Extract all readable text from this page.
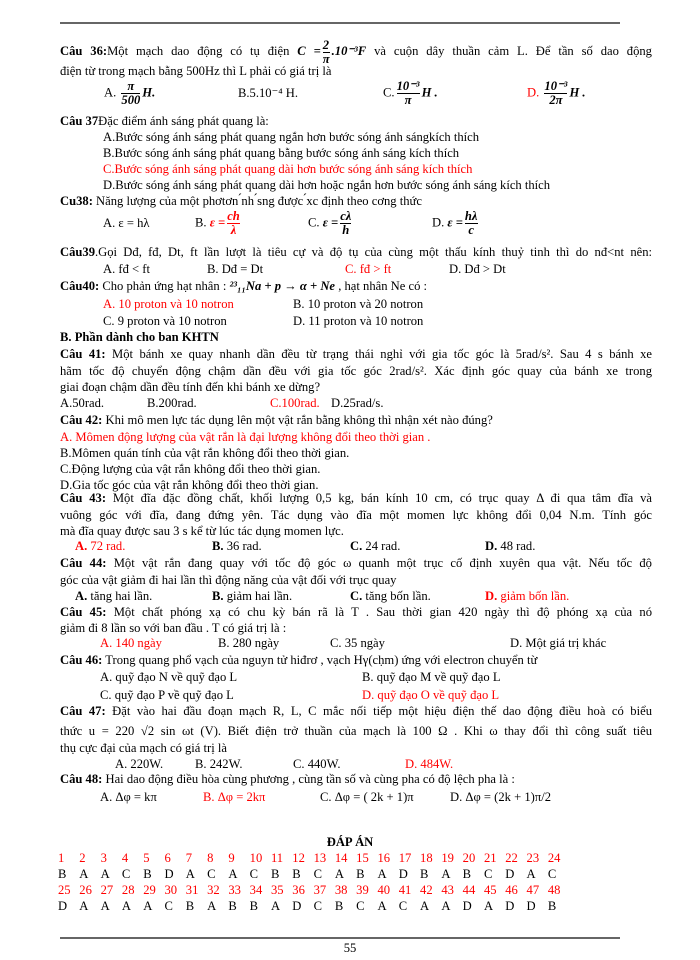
Câu 36:Một mạch dao động có tụ điện $C = \frac{2}{\pi} .10^{-3}F$ và cuộn dây thuần cảm L. Để tần số dao động
điện từ trong mạch bằng 500Hz thì L phải có giá trị là
A. $\frac{\pi}{500} H$.	B.5.10⁻⁴ H.	C. $\frac{\text{10⁻³}}{\pi}$ H .	D. $\frac{\text{10⁻³}}{2\pi}$ H .
Câu 37Đặc điểm ánh sáng phát quang là:
A.Bước sóng ánh sáng phát quang ngắn hơn bước sóng ánh sángkích thích
B.Bước sóng ánh sáng phát quang bằng bước sóng ánh sáng kích thích
C.Bước sóng ánh sáng phát quang dài hơn bước sóng ánh sáng kích thích
D.Bước sóng ánh sáng phát quang dài hơn hoặc ngắn hơn bước sóng ánh sáng kích thích
Cu38: Năng lượng của một phơtơn ́nh ́sng được ́xc định theo cơng thức
A. ε = hλ	B. $\varepsilon = \frac{ch}{\lambda}$	C. $\varepsilon = \frac{c\lambda}{h}$	D. $\varepsilon = \frac{h\lambda}{c}$
Câu39.Gọi Dđ, fđ, Dt, ft lần lượt là tiêu cự và độ tụ của cùng một thấu kính thuỷ tinh thì do nđ<nt nên:
A. fđ < ft	B. Dđ = Dt	C. fđ > ft	D. Dđ > Dt
Câu40: Cho phản ứng hạt nhân : ²³₁₁Na + p → α + Ne , hạt nhân Ne có :
A. 10 proton và 10 notron	B. 10 proton và 20 notron
C. 9 proton và 10 notron	D. 11 proton và 10 notron
B. Phần dành cho ban KHTN
Câu 41: Một bánh xe quay nhanh dần đều từ trạng thái nghỉ với gia tốc góc là 5rad/s². Sau 4 s bánh xe
hãm tốc độ chuyển động chậm dần đều với gia tốc góc 2rad/s². Xác định góc quay của bánh xe trong
giai đoạn chậm dần đều tính đến khi bánh xe dừng?
A.50rad.	B.200rad.	C.100rad. D.25rad/s.
Câu 42: Khi mô men lực tác dụng lên một vật rắn bằng không thì nhận xét nào đúng?
A. Mômen động lượng của vật rắn là đại lượng không đổi theo thời gian .
B.Mômen quán tính của vật rắn không đổi theo thời gian.
C.Động lượng của vật rắn không đổi theo thời gian.
D.Gia tốc góc của vật rắn không đổi theo thời gian.
Câu 43: Một đĩa đặc đồng chất, khối lượng 0,5 kg, bán kính 10 cm, có trục quay Δ đi qua tâm đĩa và
vuông góc với đĩa, đang đứng yên. Tác dụng vào đĩa một momen lực không đổi 0,04 N.m. Tính góc
mà đĩa quay được sau 3 s kể từ lúc tác dụng momen lực.
A. 72 rad.	B. 36 rad.	C. 24 rad.	D. 48 rad.
Câu 44: Một vật rắn đang quay với tốc độ góc ω quanh một trục cố định xuyên qua vật. Nếu tốc độ
góc của vật giảm đi hai lần thì động năng của vật đối với trục quay
A. tăng hai lần.	B. giảm hai lần.	C. tăng bốn lần.	D. giảm bốn lần.
Câu 45: Một chất phóng xạ có chu kỳ bán rã là T . Sau thời gian 420 ngày thì độ phóng xạ của nó
giảm đi 8 lần so với ban đầu . T có giá trị là :
A. 140 ngày	B. 280 ngày	C. 35 ngày	D. Một giá trị khác
Câu 46: Trong quang phổ vạch của nguyn tử hiđrơ , vạch Hγ(cḥm) ứng với electron chuyển từ
A. quỹ đạo N về quỹ đạo L	B. quỹ đạo M về quỹ đạo L
C. quỹ đạo P về quỹ đạo L	D. quỹ đạo O về quỹ đạo L
Câu 47: Đặt vào hai đầu đoạn mạch R, L, C mắc nối tiếp một hiệu điện thế dao động điều hoà có biểu
thức u = 220 √2 sin ωt (V). Biết điện trở thuần của mạch là 100 Ω . Khi ω thay đổi thì công suất tiêu
thụ cực đại của mạch có giá trị là
A. 220W.	B. 242W.	C. 440W.	D. 484W.
Câu 48: Hai dao động điều hòa cùng phương , cùng tần số và cùng pha có độ lệch pha là :
A. Δφ = kπ	B. Δφ = 2kπ	C. Δφ = ( 2k + 1)π	D. Δφ = (2k + 1)π/2
ĐÁP ÁN
1	2	3	4	5	6	7	8	9	10 11 12 13 14 15 16 17 18 19 20 21 22 23 24
B	A A C	B	D A C	A C	B	B	C	A B	A D B	A B	C	D A C
25 26 27 28 29 30 31 32 33 34 35 36 37 38 39 40 41 42 43 44 45 46 47 48
D A A A A C	B	A B	B	A D C	B	C	A C	A A D A D D B
55
